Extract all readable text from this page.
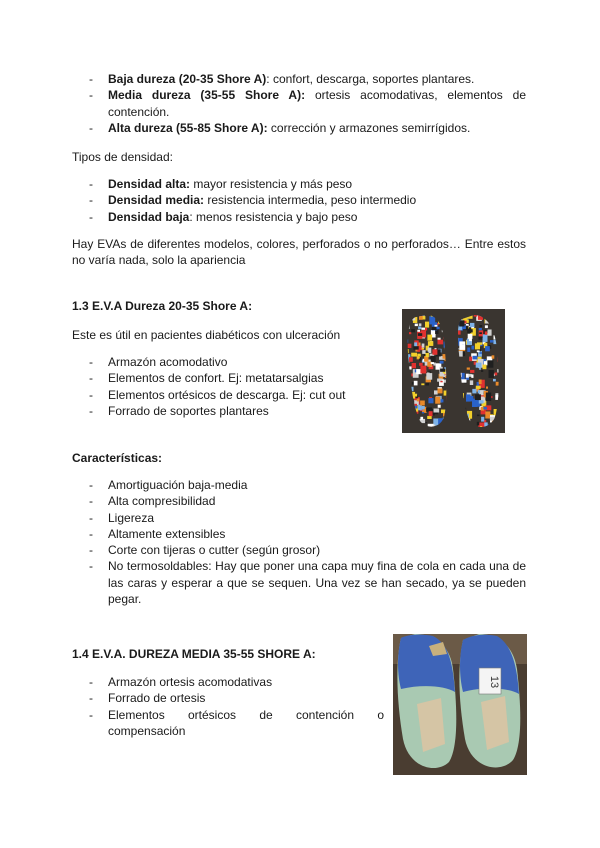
- Baja dureza (20-35 Shore A): confort, descarga, soportes plantares.
- Media dureza (35-55 Shore A): ortesis acomodativas, elementos de contención.
- Alta dureza (55-85 Shore A): corrección y armazones semirrígidos.
Tipos de densidad:
- Densidad alta: mayor resistencia y más peso
- Densidad media: resistencia intermedia, peso intermedio
- Densidad baja: menos resistencia y bajo peso
Hay EVAs de diferentes modelos, colores, perforados o no perforados… Entre estos no varía nada, solo la apariencia
1.3 E.V.A Dureza 20-35 Shore A:
Este es útil en pacientes diabéticos con ulceración
- Armazón acomodativo
- Elementos de confort. Ej: metatarsalgias
- Elementos ortésicos de descarga. Ej: cut out
- Forrado de soportes plantares
Características:
- Amortiguación baja-media
- Alta compresibilidad
- Ligereza
- Altamente extensibles
- Corte con tijeras o cutter (según grosor)
- No termosoldables: Hay que poner una capa muy fina de cola en cada una de las caras y esperar a que se sequen. Una vez se han secado, ya se pueden pegar.
1.4 E.V.A. DUREZA MEDIA 35-55 SHORE A:
- Armazón ortesis acomodativas
- Forrado de ortesis
- Elementos ortésicos de contención o compensación
13
